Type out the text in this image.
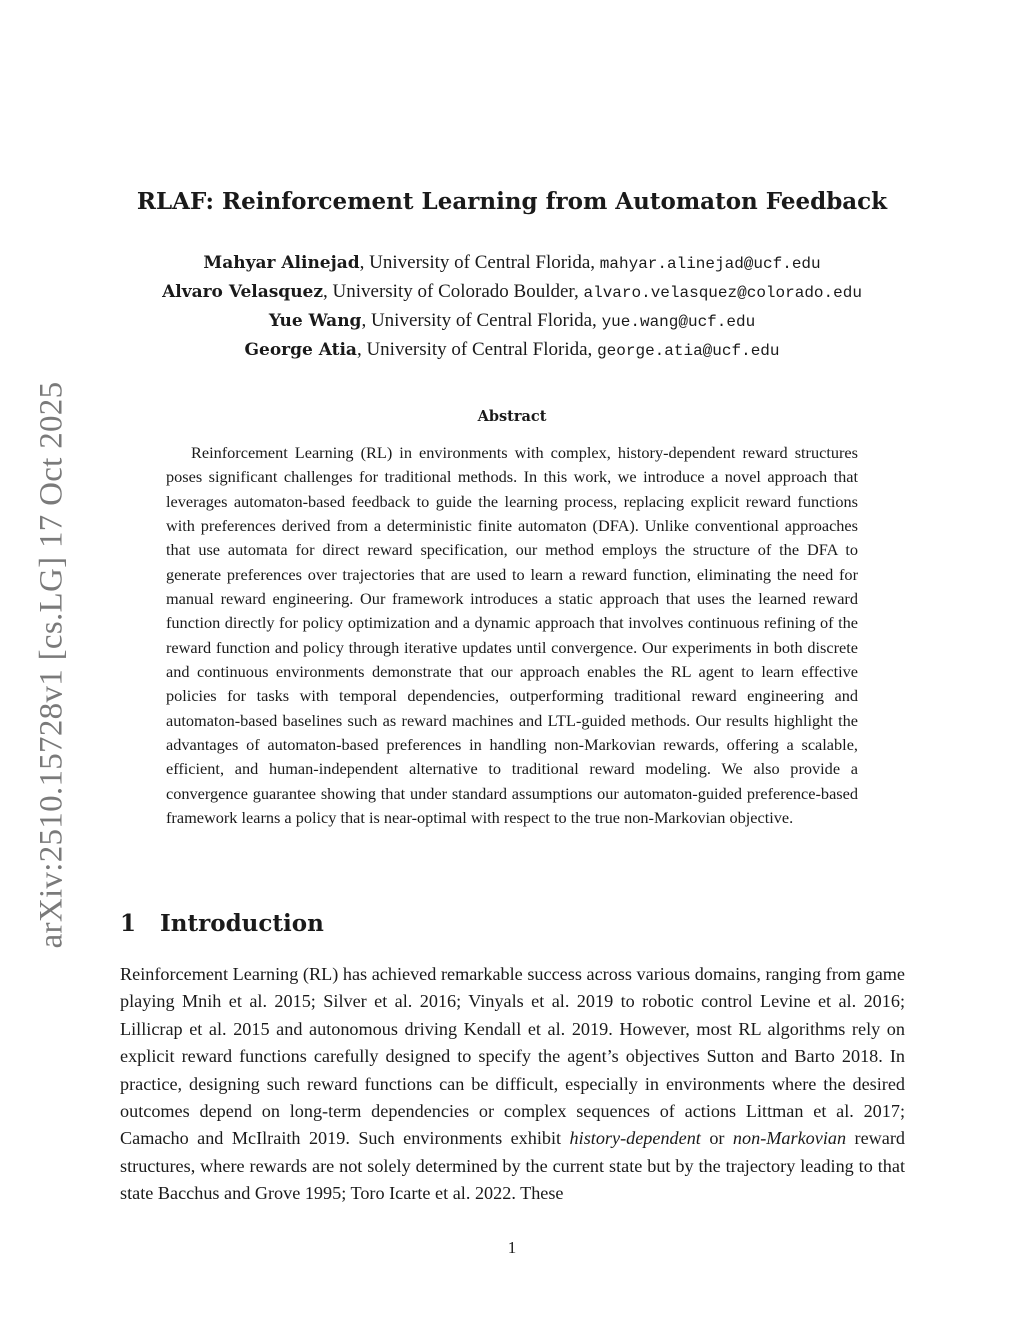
arXiv:2510.15728v1 [cs.LG] 17 Oct 2025
RLAF: Reinforcement Learning from Automaton Feedback
Mahyar Alinejad, University of Central Florida, mahyar.alinejad@ucf.edu
Alvaro Velasquez, University of Colorado Boulder, alvaro.velasquez@colorado.edu
Yue Wang, University of Central Florida, yue.wang@ucf.edu
George Atia, University of Central Florida, george.atia@ucf.edu
Abstract
Reinforcement Learning (RL) in environments with complex, history-dependent reward structures poses significant challenges for traditional methods. In this work, we introduce a novel approach that leverages automaton-based feedback to guide the learning process, replacing explicit reward functions with preferences derived from a deterministic finite automaton (DFA). Unlike conventional approaches that use automata for direct reward specification, our method employs the structure of the DFA to generate preferences over trajectories that are used to learn a reward function, eliminating the need for manual reward engineering. Our framework introduces a static approach that uses the learned reward function directly for policy optimization and a dynamic approach that involves continuous refining of the reward function and policy through iterative updates until convergence. Our experiments in both discrete and continuous environments demonstrate that our approach enables the RL agent to learn effective policies for tasks with temporal dependencies, outperforming traditional reward engineering and automaton-based baselines such as reward machines and LTL-guided methods. Our results highlight the advantages of automaton-based preferences in handling non-Markovian rewards, offering a scalable, efficient, and human-independent alternative to traditional reward modeling. We also provide a convergence guarantee showing that under standard assumptions our automaton-guided preference-based framework learns a policy that is near-optimal with respect to the true non-Markovian objective.
1 Introduction
Reinforcement Learning (RL) has achieved remarkable success across various domains, ranging from game playing Mnih et al. 2015; Silver et al. 2016; Vinyals et al. 2019 to robotic control Levine et al. 2016; Lillicrap et al. 2015 and autonomous driving Kendall et al. 2019. However, most RL algorithms rely on explicit reward functions carefully designed to specify the agent’s objectives Sutton and Barto 2018. In practice, designing such reward functions can be difficult, especially in environments where the desired outcomes depend on long-term dependencies or complex sequences of actions Littman et al. 2017; Camacho and McIlraith 2019. Such environments exhibit history-dependent or non-Markovian reward structures, where rewards are not solely determined by the current state but by the trajectory leading to that state Bacchus and Grove 1995; Toro Icarte et al. 2022. These
1
